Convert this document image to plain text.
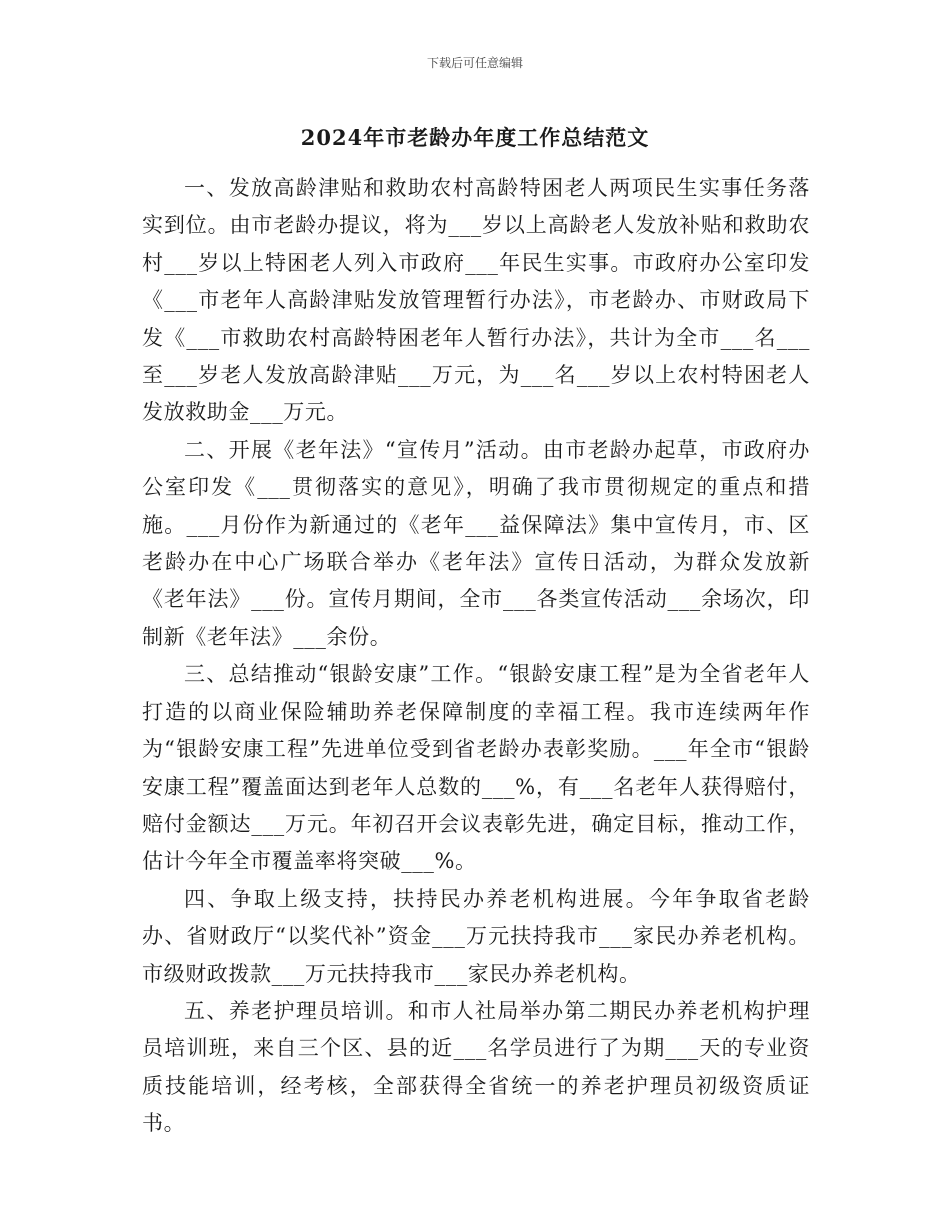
下载后可任意编辑
2024年市老龄办年度工作总结范文

一、发放高龄津贴和救助农村高龄特困老人两项民生实事任务落实到位。由市老龄办提议，将为___岁以上高龄老人发放补贴和救助农村___岁以上特困老人列入市政府___年民生实事。市政府办公室印发《___市老年人高龄津贴发放管理暂行办法》，市老龄办、市财政局下发《___市救助农村高龄特困老年人暂行办法》，共计为全市___名___至___岁老人发放高龄津贴___万元，为___名___岁以上农村特困老人发放救助金___万元。

二、开展《老年法》“宣传月”活动。由市老龄办起草，市政府办公室印发《___贯彻落实的意见》，明确了我市贯彻规定的重点和措施。___月份作为新通过的《老年___益保障法》集中宣传月，市、区老龄办在中心广场联合举办《老年法》宣传日活动，为群众发放新《老年法》___份。宣传月期间，全市___各类宣传活动___余场次，印制新《老年法》___余份。

三、总结推动“银龄安康”工作。“银龄安康工程”是为全省老年人打造的以商业保险辅助养老保障制度的幸福工程。我市连续两年作为“银龄安康工程”先进单位受到省老龄办表彰奖励。___年全市“银龄安康工程”覆盖面达到老年人总数的___%，有___名老年人获得赔付，赔付金额达___万元。年初召开会议表彰先进，确定目标，推动工作，估计今年全市覆盖率将突破___%。

四、争取上级支持，扶持民办养老机构进展。今年争取省老龄办、省财政厅“以奖代补”资金___万元扶持我市___家民办养老机构。市级财政拨款___万元扶持我市___家民办养老机构。

五、养老护理员培训。和市人社局举办第二期民办养老机构护理员培训班，来自三个区、县的近___名学员进行了为期___天的专业资质技能培训，经考核，全部获得全省统一的养老护理员初级资质证书。
